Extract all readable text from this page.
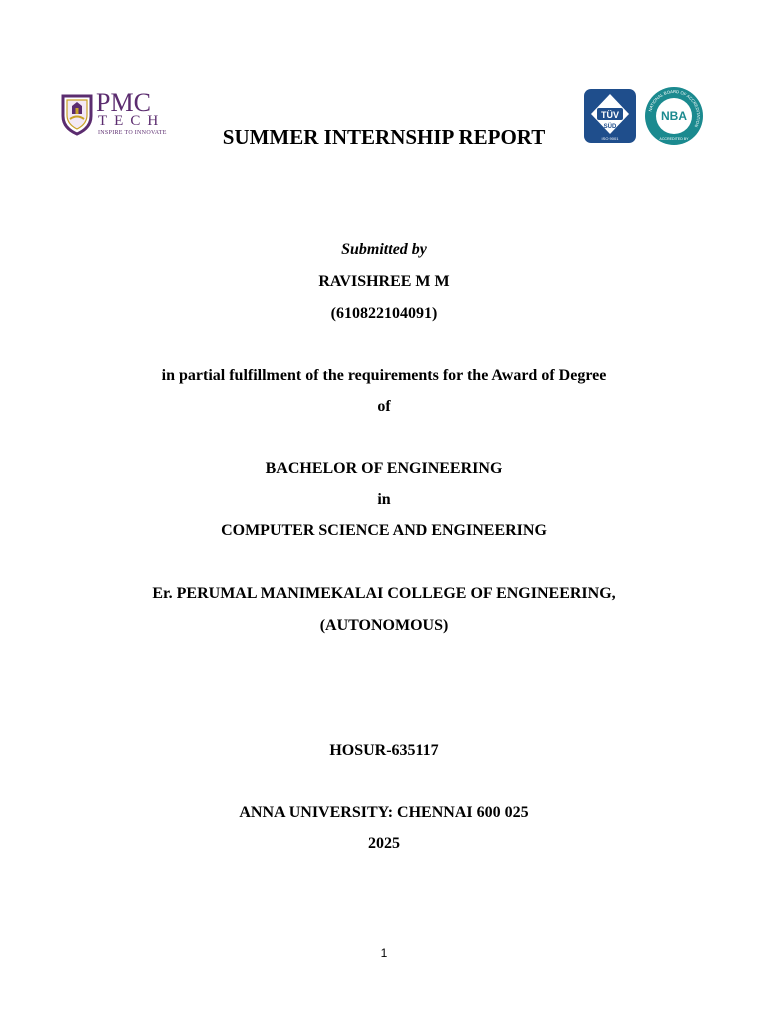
PMC
TECH
INSPIRE TO INNOVATE
TÜV
SÜD
ISO 9001
NATIONAL BOARD OF ACCREDITATION
NBA
ACCREDITED BY
SUMMER INTERNSHIP REPORT
Submitted by
RAVISHREE M M
(610822104091)
in partial fulfillment of the requirements for the Award of Degree
of
BACHELOR OF ENGINEERING
in
COMPUTER SCIENCE AND ENGINEERING
Er. PERUMAL MANIMEKALAI COLLEGE OF ENGINEERING,
(AUTONOMOUS)
HOSUR-635117
ANNA UNIVERSITY: CHENNAI 600 025
2025
1
